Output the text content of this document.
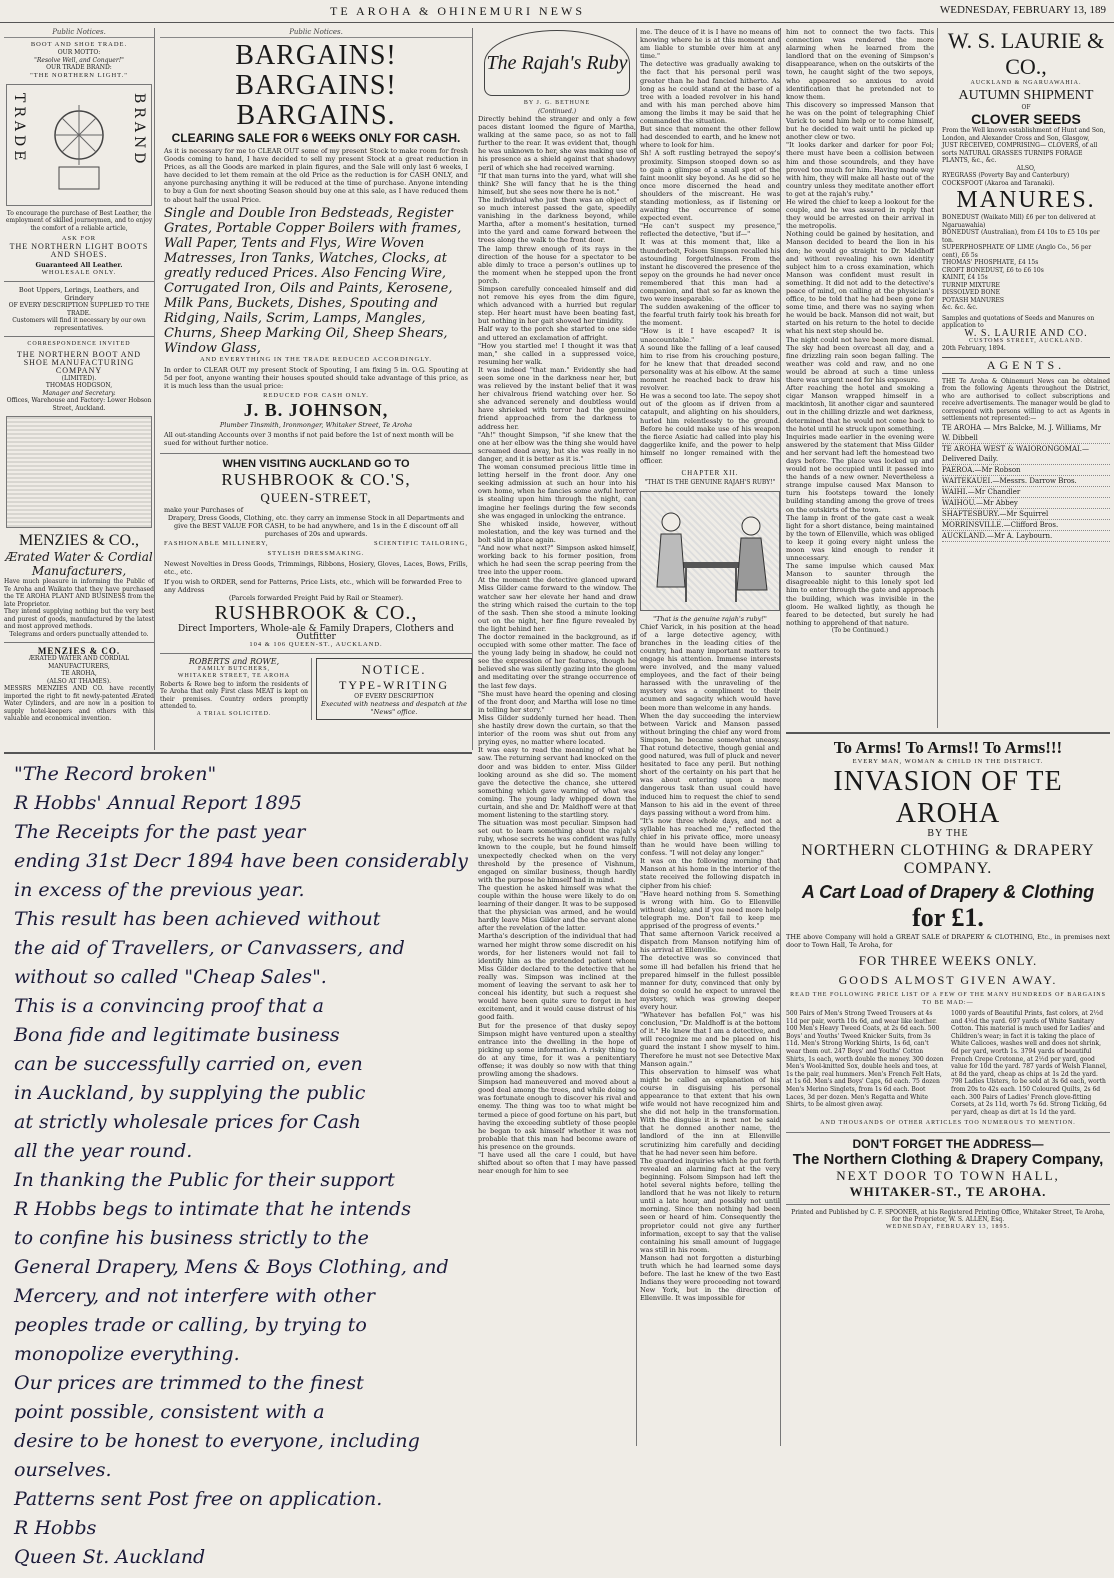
TE AROHA & OHINEMURI NEWS	WEDNESDAY, FEBRUARY 13, 189
Public Notices.
BOOT AND SHOE TRADE.
OUR MOTTO:
"Resolve Well, and Conquer!"
OUR TRADE BRAND:
"THE NORTHERN LIGHT."
TRADE	BRAND
To encourage the purchase of Best Leather, the employment of skilled journeymen, and to enjoy the comfort of a reliable article,
ASK FOR
THE NORTHERN LIGHT BOOTS AND SHOES.
Guaranteed All Leather.
WHOLESALE ONLY.
Boot Uppers, Lerings, Leathers, and Grindery
OF EVERY DESCRIPTION SUPPLIED TO THE TRADE.
Customers will find it necessary by our own representatives.
CORRESPONDENCE INVITED
THE NORTHERN BOOT AND SHOE MANUFACTURING COMPANY
(LIMITED).
THOMAS HODGSON,
Manager and Secretary.
Offices, Warehouse and Factory: Lower Hobson Street, Auckland.
MENZIES & CO.,
Ærated Water & Cordial Manufacturers,
Have much pleasure in informing the Public of Te Aroha and Waikato that they have purchased the TE AROHA PLANT AND BUSINESS from the late Proprietor.
They intend supplying nothing but the very best and purest of goods, manufactured by the latest and most approved methods.
Telegrams and orders punctually attended to.
MENZIES & CO.
ÆRATED WATER AND CORDIAL MANUFACTURERS,
TE AROHA,
(ALSO AT THAMES).
MESSRS MENZIES AND CO. have recently imported the right to fit newly-patented Ærated Water Cylinders, and are now in a position to supply hotel-keepers and others with this valuable and economical invention.
Public Notices.
BARGAINS! BARGAINS!
BARGAINS.
CLEARING SALE FOR 6 WEEKS ONLY FOR CASH.
As it is necessary for me to CLEAR OUT some of my present Stock to make room for fresh Goods coming to hand, I have decided to sell my present Stock at a great reduction in Prices, as all the Goods are marked in plain figures, and the Sale will only last 6 weeks, I have decided to let them remain at the old Price as the reduction is for CASH ONLY, and anyone purchasing anything it will be reduced at the time of purchase. Anyone intending to buy a Gun for next shooting Season should buy one at this sale, as I have reduced them to about half the usual Price.
Single and Double Iron Bedsteads, Register Grates, Portable Copper Boilers with frames, Wall Paper, Tents and Flys, Wire Woven Matresses, Iron Tanks, Watches, Clocks, at greatly reduced Prices. Also Fencing Wire, Corrugated Iron, Oils and Paints, Kerosene, Milk Pans, Buckets, Dishes, Spouting and Ridging, Nails, Scrim, Lamps, Mangles, Churns, Sheep Marking Oil, Sheep Shears, Window Glass,
AND EVERYTHING IN THE TRADE REDUCED ACCORDINGLY.
In order to CLEAR OUT my present Stock of Spouting, I am fixing 5 in. O.G. Spouting at 5d per foot, anyone wanting their houses spouted should take advantage of this price, as it is much less than the usual price:
REDUCED FOR CASH ONLY.
J. B. JOHNSON,
Plumber Tinsmith, Ironmonger, Whitaker Street, Te Aroha
All out-standing Accounts over 3 months if not paid before the 1st of next month will be sued for without further notice.
WHEN VISITING AUCKLAND GO TO
RUSHBROOK & CO.'S,
QUEEN-STREET,
make your Purchases of
Drapery, Dress Goods, Clothing, etc. they carry an immense Stock in all Departments and give the BEST VALUE FOR CASH, to be had anywhere, and 1s in the £ discount off all purchases of 20s and upwards.
FASHIONABLE MILLINERY,	SCIENTIFIC TAILORING,
STYLISH DRESSMAKING.
Newest Novelties in Dress Goods, Trimmings, Ribbons, Hosiery, Gloves, Laces, Bows, Frills, etc., etc.
If you wish to ORDER, send for Patterns, Price Lists, etc., which will be forwarded Free to any Address
(Parcels forwarded Freight Paid by Rail or Steamer).
RUSHBROOK & CO.,
Direct Importers, Whole-ale & Family Drapers, Clothers and Outfitter
104 & 106 QUEEN-ST., AUCKLAND.
ROBERTS and ROWE,
FAMILY BUTCHERS,
WHITAKER STREET, TE AROHA
Roberts & Rowe beg to inform the residents of Te Aroha that only First class MEAT is kept on their premises. Country orders promptly attended to.
A TRIAL SOLICITED.
NOTICE.
TYPE-WRITING
OF EVERY DESCRIPTION
Executed with neatness and despatch at the "News" office.
"The Record broken"
R Hobbs' Annual Report 1895
The Receipts for the past year
ending 31st Decr 1894 have been considerably
in excess of the previous year.
This result has been achieved without
the aid of Travellers, or Canvassers, and
without so called "Cheap Sales".
This is a convincing proof that a
Bona fide and legitimate business
can be successfully carried on, even
in Auckland, by supplying the public
at strictly wholesale prices for Cash
all the year round.
In thanking the Public for their support
R Hobbs begs to intimate that he intends
to confine his business strictly to the
General Drapery, Mens & Boys Clothing, and
Mercery, and not interfere with other
peoples trade or calling, by trying to
monopolize everything.
Our prices are trimmed to the finest
point possible, consistent with a
desire to be honest to everyone, including
ourselves.
Patterns sent Post free on application.
R Hobbs
Queen St. Auckland
The Rajah's Ruby
BY J. G. BETHUNE
(Continued.)
Directly behind the stranger and only a few paces distant loomed the figure of Martha, walking at the same pace, so as not to fall further to the rear. It was evident that, though he was unknown to her, she was making use of his presence as a shield against that shadowy peril of which she had received warning.
"If that man turns into the yard, what will she think? She will fancy that he is the thing himself, but she sees now there he is not."
The individual who just then was an object of so much interest passed the gate, speedily vanishing in the darkness beyond, while Martha, after a moment's hesitation, turned into the yard and came forward between the trees along the walk to the front door.
The lamp threw enough of its rays in the direction of the house for a spectator to be able dimly to trace a person's outlines up to the moment when he stepped upon the front porch.
Simpson carefully concealed himself and did not remove his eyes from the dim figure, which advanced with a hurried but regular step. Her heart must have been beating fast, but nothing in her gait showed her timidity.
Half way to the porch she started to one side and uttered an exclamation of affright.
"How you startled me! I thought it was that man," she called in a suppressed voice, resuming her walk.
It was indeed "that man." Evidently she had seen some one in the darkness near her, but was relieved by the instant belief that it was her chivalrous friend watching over her. So she advanced serenely and doubtless would have shrieked with terror had the genuine friend approached from the darkness to address her.
"Ah!" thought Simpson, "if she knew that the one at her elbow was the thing she would have screamed dead away, but she was really in no danger, and it is better as it is."
The woman consumed precious little time in letting herself in the front door. Any one seeking admission at such an hour into his own home, when he fancies some awful horror is stealing upon him through the night, can imagine her feelings during the few seconds she was engaged in unlocking the entrance.
She whisked inside, however, without molestation, and the key was turned and the bolt slid in place again.
"And now what next?" Simpson asked himself, working back to his former position, from which he had seen the scrap peering from the tree into the upper room.
At the moment the detective glanced upward Miss Gilder came forward to the window. The watcher saw her elevate her hand and draw the string which raised the curtain to the top of the sash. Then she stood a minute looking out on the night, her fine figure revealed by the light behind her.
The doctor remained in the background, as if occupied with some other matter. The face of the young lady being in shadow, he could not see the expression of her features, though he believed she was silently gazing into the gloom and meditating over the strange occurrence of the last few days.
"She must have heard the opening and closing of the front door, and Martha will lose no time in telling her story."
Miss Gilder suddenly turned her head. Then she hastily drew down the curtain, so that the interior of the room was shut out from any prying eyes, no matter where located.
It was easy to read the meaning of what he saw. The returning servant had knocked on the door and was bidden to enter. Miss Gilder looking around as she did so. The moment gave the detective the chance, she uttered something which gave warning of what was coming. The young lady whipped down the curtain, and she and Dr. Maldhoff were at that moment listening to the startling story.
The situation was most peculiar. Simpson had set out to learn something about the rajah's ruby, whose secrets he was confident was fully known to the couple, but he found himself unexpectedly checked when on the very threshold by the presence of Vishnum, engaged on similar business, though hardly with the purpose he himself had in mind.
The question he asked himself was what the couple within the house were likely to do on learning of their danger. It was to be supposed that the physician was armed, and he would hardly leave Miss Gilder and the servant alone after the revelation of the latter.
Martha's description of the individual that had warned her might throw some discredit on his words, for her listeners would not fail to identify him as the pretended patient whom Miss Gilder declared to the detective that he really was. Simpson was inclined at the moment of leaving the servant to ask her to conceal his identity, but such a request she would have been quite sure to forget in her excitement, and it would cause distrust of his good faith.
But for the presence of that dusky sepoy Simpson might have ventured upon a stealthy entrance into the dwelling in the hope of picking up some information. A risky thing to do at any time, for it was a penitentiary offense; it was doubly so now with that thing prowling among the shadows.
Simpson had maneuvered and moved about a good deal among the trees, and while doing so was fortunate enough to discover his rival and enemy. The thing was too to what might be termed a piece of good fortune on his part, but having the exceeding subtlety of those people he began to ask himself whether it was not probable that this man had become aware of his presence on the grounds.
"I have used all the care I could, but have shifted about so often that I may have passed near enough for him to see
me. The deuce of it is I have no means of knowing where he is at this moment and am liable to stumble over him at any time."
The detective was gradually awaking to the fact that his personal peril was greater than he had fancied hitherto. As long as he could stand at the base of a tree with a loaded revolver in his hand and with his man perched above him among the limbs it may be said that he commanded the situation.
But since that moment the other fellow had descended to earth, and he knew not where to look for him.
Sh! A soft rustling betrayed the sepoy's proximity. Simpson stooped down so as to gain a glimpse of a small spot of the faint moonlit sky beyond. As he did so he once more discerned the head and shoulders of the miscreant. He was standing motionless, as if listening or awaiting the occurrence of some expected event.
"He can't suspect my presence," reflected the detective, "but if—"
It was at this moment that, like a thunderbolt, Folsom Simpson recalled his astounding forgetfulness. From the instant he discovered the presence of the sepoy on the grounds he had never once remembered that this man had a companion, and that so far as known the two were inseparable.
The sudden awakening of the officer to the fearful truth fairly took his breath for the moment.
"How is it I have escaped? It is unaccountable."
A sound like the falling of a leaf caused him to rise from his crouching posture, for he knew that that dreaded second personality was at his elbow. At the same moment he reached back to draw his revolver.
He was a second too late. The sepoy shot out of the gloom as if driven from a catapult, and alighting on his shoulders, hurled him relentlessly to the ground. Before he could make use of his weapon the fierce Asiatic had called into play his daggerlike knife, and the power to help himself no longer remained with the officer.
CHAPTER XII.
"THAT IS THE GENUINE RAJAH'S RUBY!"
"That is the genuine rajah's ruby!"
Chief Varick, in his position at the head of a large detective agency, with branches in the leading cities of the country, had many important matters to engage his attention. Immense interests were involved, and the many valued employees, and the fact of their being harassed with the unraveling of the mystery was a compliment to their acumen and sagacity which would have been more than welcome in any hands.
When the day succeeding the interview between Varick and Manson passed without bringing the chief any word from Simpson, he became somewhat uneasy. That rotund detective, though genial and good natured, was full of pluck and never hesitated to face any peril. But nothing short of the certainty on his part that he was about entering upon a more dangerous task than usual could have induced him to request the chief to send Manson to his aid in the event of three days passing without a word from him.
"It's now three whole days, and not a syllable has reached me," reflected the chief in his private office, more uneasy than he would have been willing to confess. "I will not delay any longer."
It was on the following morning that Manson at his home in the interior of the state received the following dispatch in cipher from his chief:
"Have heard nothing from S. Something is wrong with him. Go to Ellenville without delay, and if you need more help telegraph me. Don't fail to keep me apprised of the progress of events."
That same afternoon Varick received a dispatch from Manson notifying him of his arrival at Ellenville.
The detective was so convinced that some ill had befallen his friend that he prepared himself in the fullest possible manner for duty, convinced that only by doing so could he expect to unravel the mystery, which was growing deeper every hour.
"Whatever has befallen Fol," was his conclusion, "Dr. Maldhoff is at the bottom of it." He knew that I am a detective, and will recognize me and be placed on his guard the instant I show myself to him. Therefore he must not see Detective Max Manson again."
This observation to himself was what might be called an explanation of his course in disguising his personal appearance to that extent that his own wife would not have recognized him and she did not help in the transformation. With the disguise it is next not be said that he donned another name, the landlord of the inn at Ellenville scrutinizing him carefully and deciding that he had never seen him before.
The guarded inquiries which he put forth revealed an alarming fact at the very beginning. Folsom Simpson had left the hotel several nights before, telling the landlord that he was not likely to return until a late hour, and possibly not until morning. Since then nothing had been seen or heard of him. Consequently the proprietor could not give any further information, except to say that the valise containing his small amount of luggage was still in his room.
Manson had not forgotten a disturbing truth which he had learned some days before. The last he knew of the two East Indians they were proceeding not toward New York, but in the direction of Ellenville. It was impossible for
him not to connect the two facts. This connection was rendered the more alarming when he learned from the landlord that on the evening of Simpson's disappearance, when on the outskirts of the town, he caught sight of the two sepoys, who appeared so anxious to avoid identification that he pretended not to know them.
This discovery so impressed Manson that he was on the point of telegraphing Chief Varick to send him help or to come himself, but he decided to wait until he picked up another clew or two.
"It looks darker and darker for poor Fol; there must have been a collision between him and those scoundrels, and they have proved too much for him. Having made way with him, they will make all haste out of the country unless they meditate another effort to get at the rajah's ruby."
He wired the chief to keep a lookout for the couple, and he was assured in reply that they would be arrested on their arrival in the metropolis.
Nothing could be gained by hesitation, and Manson decided to beard the lion in his den; he would go straight to Dr. Maldhoff and without revealing his own identity subject him to a cross examination, which Manson was confident must result in something. It did not add to the detective's peace of mind, on calling at the physician's office, to be told that he had been gone for some time, and there was no saying when he would be back. Manson did not wait, but started on his return to the hotel to decide what his next step should be.
The night could not have been more dismal. The sky had been overcast all day, and a fine drizzling rain soon began falling. The weather was cold and raw, and no one would be abroad at such a time unless there was urgent need for his exposure.
After reaching the hotel and smoking a cigar Manson wrapped himself in a mackintosh, lit another cigar and sauntered out in the chilling drizzle and wet darkness, determined that he would not come back to the hotel until he struck upon something.
Inquiries made earlier in the evening were answered by the statement that Miss Gilder and her servant had left the homestead two days before. The place was locked up and would not be occupied until it passed into the hands of a new owner. Nevertheless a strange impulse caused Max Manson to turn his footsteps toward the lonely building standing among the grove of trees on the outskirts of the town.
The lamp in front of the gate cast a weak light for a short distance, being maintained by the town of Ellenville, which was obliged to keep it going every night unless the moon was kind enough to render it unnecessary.
The same impulse which caused Max Manson to saunter through the disagreeable night to this lonely spot led him to enter through the gate and approach the building, which was invisible in the gloom. He walked lightly, as though he feared to be detected, but surely he had nothing to apprehend of that nature.
(To be Continued.)
W. S. LAURIE & CO.,
AUCKLAND & NGARUAWAHIA.
AUTUMN SHIPMENT
OF
CLOVER SEEDS
From the Well known establishment of Hunt and Son, London, and Alexander Cross and Son, Glasgow,
JUST RECEIVED, COMPRISING— CLOVERS, of all sorts NATURAL GRASSES TURNIPS FORAGE PLANTS, &c., &c.
ALSO,
RYEGRASS (Poverty Bay and Canterbury)
COCKSFOOT (Akaroa and Taranaki).
MANURES.
BONEDUST (Waikato Mill) £6 per ton delivered at Ngaruawahia)
BONEDUST (Australian), from £4 10s to £5 10s per ton.
SUPERPHOSPHATE OF LIME (Anglo Co., 56 per cent), £6 5s
THOMAS' PHOSPHATE, £4 15s
CROFT BONEDUST, £6 to £6 10s
KAINIT, £4 15s
TURNIP MIXTURE
DISSOLVED BONE
POTASH MANURES
&c. &c. &c.
Samples and quotations of Seeds and Manures on application to
W. S. LAURIE AND CO.
CUSTOMS STREET, AUCKLAND.
20th February, 1894.
AGENTS.
THE Te Aroha & Ohinemuri News can be obtained from the following Agents throughout the District, who are authorised to collect subscriptions and receive advertisements. The manager would be glad to correspond with persons willing to act as Agents in settlements not represented:—
TE AROHA — Mrs Balcke, M. J. Williams, Mr W. Dibbell
TE AROHA WEST & WAIORONGOMAI.—Delivered Daily.
PAEROA.—Mr Robson
WAITEKAUEI.—Messrs. Darrow Bros.
WAIHI.—Mr Chandler
WAIHOU.—Mr Abbey
SHAFTESBURY.—Mr Squirrel
MORRINSVILLE.—Clifford Bros.
AUCKLAND.—Mr A. Laybourn.
To Arms! To Arms!! To Arms!!!
EVERY MAN, WOMAN & CHILD IN THE DISTRICT.
INVASION OF TE AROHA
BY THE
NORTHERN CLOTHING & DRAPERY COMPANY.
A Cart Load of Drapery & Clothing
for £1.
THE above Company will hold a GREAT SALE of DRAPERY & CLOTHING, Etc., in premises next door to Town Hall, Te Aroha, for
FOR THREE WEEKS ONLY.
GOODS ALMOST GIVEN AWAY.
READ THE FOLLOWING PRICE LIST OF A FEW OF THE MANY HUNDREDS OF BARGAINS TO BE MAD:—
500 Pairs of Men's Strong Tweed Trousers at 4s 11d per pair, worth 10s 6d, and wear like leather. 100 Men's Heavy Tweed Coats, at 2s 6d each. 500 Boys' and Youths' Tweed Knicker Suits, from 3s 11d. Men's Strong Working Shirts, 1s 6d, can't wear them out. 247 Boys' and Youths' Cotton Shirts, 1s each, worth double the money. 300 dozen Men's Wool-knitted Sox, double heels and toes, at 1s the pair, real hummers. Men's French Felt Hats, at 1s 6d. Men's and Boys' Caps, 6d each. 75 dozen Men's Merino Singlets, from 1s 6d each. Boot Laces, 3d per dozen. Men's Regatta and White Shirts, to be almost given away.
1000 yards of Beautiful Prints, fast colors, at 2½d and 4½d the yard. 697 yards of White Sanitary Cotton. This material is much used for Ladies' and Children's wear; in fact it is taking the place of White Calicoes, washes well and does not shrink, 6d per yard, worth 1s. 3794 yards of beautiful French Crepe Cretonne, at 2½d per yard, good value for 10d the yard. 787 yards of Welsh Flannel, at 8d the yard, cheap as chips at 1s 2d the yard. 798 Ladies Ulsters, to be sold at 3s 6d each, worth from 20s to 42s each. 150 Coloured Quilts, 2s 6d each. 300 Pairs of Ladies' French glove-fitting Corsets, at 2s 11d, worth 7s 6d. Strong Ticking, 6d per yard, cheap as dirt at 1s 1d the yard.
AND THOUSANDS OF OTHER ARTICLES TOO NUMEROUS TO MENTION.
DON'T FORGET THE ADDRESS—
The Northern Clothing & Drapery Company,
NEXT DOOR TO TOWN HALL,
WHITAKER-ST., TE AROHA.
Printed and Published by C. F. SPOONER, at his Registered Printing Office, Whitaker Street, Te Aroha, for the Proprietor, W. S. ALLEN, Esq.
WEDNESDAY, FEBRUARY 13, 1895.
